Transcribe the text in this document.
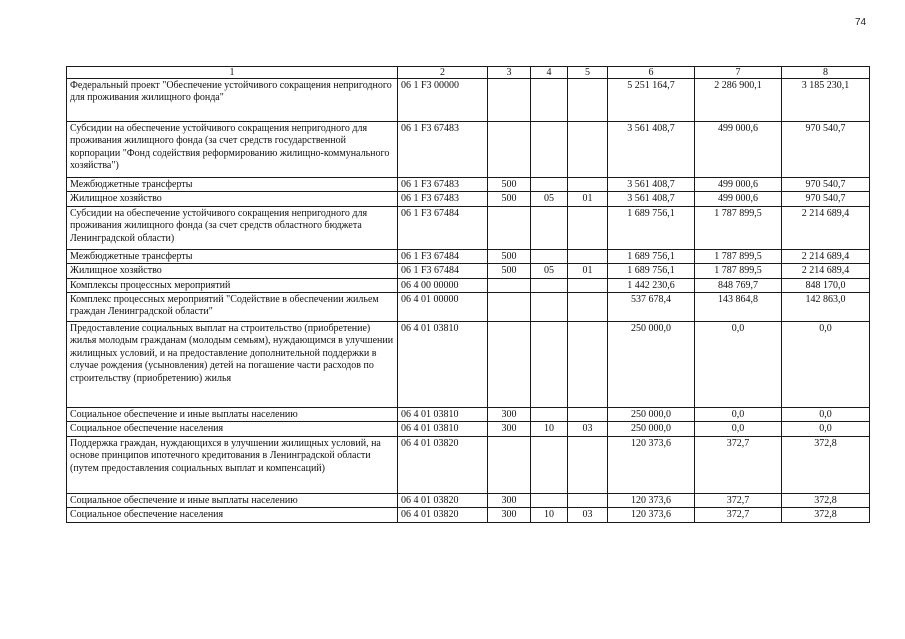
74
1	2	3	4	5	6	7	8
Федеральный проект "Обеспечение устойчивого сокращения непригодного для проживания жилищного фонда"	06 1 F3 00000				5 251 164,7	2 286 900,1	3 185 230,1
Субсидии на обеспечение устойчивого сокращения непригодного для проживания жилищного фонда (за счет средств государственной корпорации "Фонд содействия реформированию жилищно-коммунального хозяйства")	06 1 F3 67483				3 561 408,7	499 000,6	970 540,7
Межбюджетные трансферты	06 1 F3 67483	500			3 561 408,7	499 000,6	970 540,7
Жилищное хозяйство	06 1 F3 67483	500	05	01	3 561 408,7	499 000,6	970 540,7
Субсидии на обеспечение устойчивого сокращения непригодного для проживания жилищного фонда (за счет средств областного бюджета Ленинградской области)	06 1 F3 67484				1 689 756,1	1 787 899,5	2 214 689,4
Межбюджетные трансферты	06 1 F3 67484	500			1 689 756,1	1 787 899,5	2 214 689,4
Жилищное хозяйство	06 1 F3 67484	500	05	01	1 689 756,1	1 787 899,5	2 214 689,4
Комплексы процессных мероприятий	06 4 00 00000				1 442 230,6	848 769,7	848 170,0
Комплекс процессных мероприятий "Содействие в обеспечении жильем граждан Ленинградской области"	06 4 01 00000				537 678,4	143 864,8	142 863,0
Предоставление социальных выплат на строительство (приобретение) жилья молодым гражданам (молодым семьям), нуждающимся в улучшении жилищных условий, и на предоставление дополнительной поддержки в случае рождения (усыновления) детей на погашение части расходов по строительству (приобретению) жилья	06 4 01 03810				250 000,0	0,0	0,0
Социальное обеспечение и иные выплаты населению	06 4 01 03810	300			250 000,0	0,0	0,0
Социальное обеспечение населения	06 4 01 03810	300	10	03	250 000,0	0,0	0,0
Поддержка граждан, нуждающихся в улучшении жилищных условий, на основе принципов ипотечного кредитования в Ленинградской области (путем предоставления социальных выплат и компенсаций)	06 4 01 03820				120 373,6	372,7	372,8
Социальное обеспечение и иные выплаты населению	06 4 01 03820	300			120 373,6	372,7	372,8
Социальное обеспечение населения	06 4 01 03820	300	10	03	120 373,6	372,7	372,8
